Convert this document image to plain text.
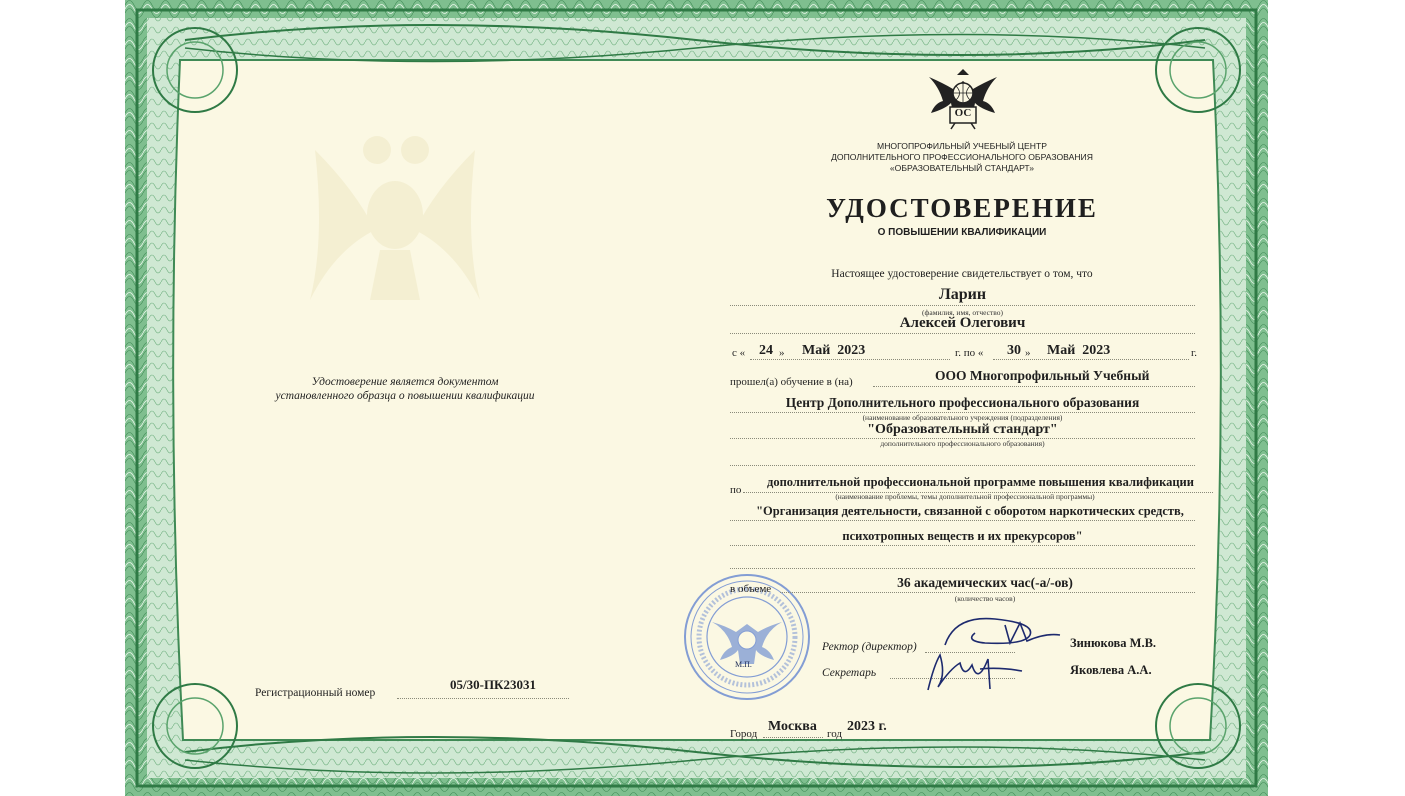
Удостоверение является документом
установленного образца о повышении квалификации
Регистрационный номер
05/30-ПК23031
ОС
МНОГОПРОФИЛЬНЫЙ УЧЕБНЫЙ ЦЕНТР
ДОПОЛНИТЕЛЬНОГО ПРОФЕССИОНАЛЬНОГО ОБРАЗОВАНИЯ
«ОБРАЗОВАТЕЛЬНЫЙ СТАНДАРТ»
УДОСТОВЕРЕНИЕ
О ПОВЫШЕНИИ КВАЛИФИКАЦИИ
Настоящее удостоверение свидетельствует о том, что
Ларин
(фамилия, имя, отчество)
Алексей Олегович
с « 24 » Май  2023	г. по « 30 » Май  2023	г.
прошел(а) обучение в (на)	ООО Многопрофильный Учебный
Центр Дополнительного профессионального образования
(наименование образовательного учреждения (подразделения)
"Образовательный стандарт"
дополнительного профессионального образования)
по
дополнительной профессиональной программе повышения квалификации
(наименование проблемы, темы дополнительной профессиональной программы)
"Организация деятельности, связанной с оборотом наркотических средств,
психотропных веществ и их прекурсоров"
М.П.
в объеме	36 академических час(-а/-ов)
(количество часов)
Ректор (директор)	Зинюкова М.В.
Секретарь	Яковлева А.А.
Город Москва год 2023 г.
